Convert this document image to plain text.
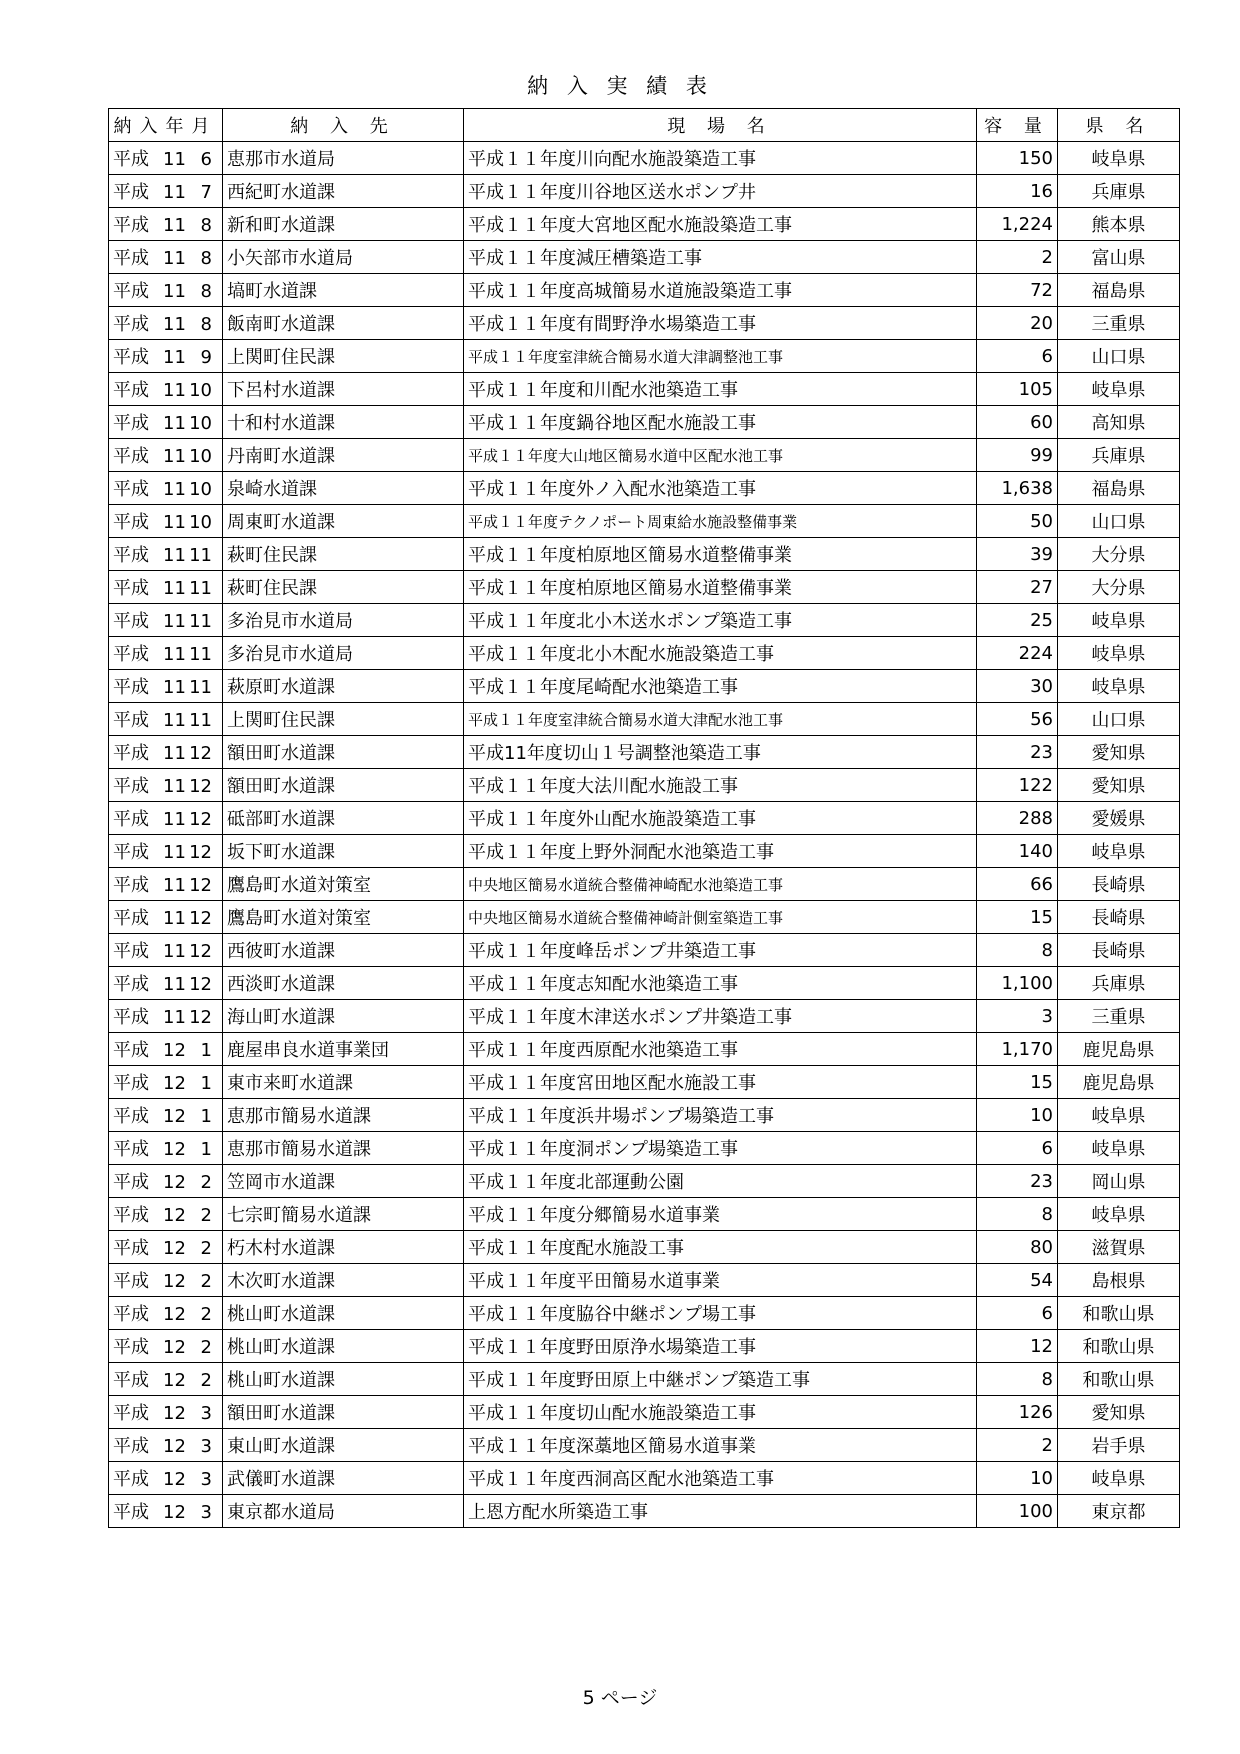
納 入 実 績 表
納入年月	納 入 先	現 場 名	容 量	県 名
平成 11 6	恵那市水道局	平成１１年度川向配水施設築造工事	150	岐阜県
平成 11 7	西紀町水道課	平成１１年度川谷地区送水ポンプ井	16	兵庫県
平成 11 8	新和町水道課	平成１１年度大宮地区配水施設築造工事	1,224	熊本県
平成 11 8	小矢部市水道局	平成１１年度減圧槽築造工事	2	富山県
平成 11 8	塙町水道課	平成１１年度高城簡易水道施設築造工事	72	福島県
平成 11 8	飯南町水道課	平成１１年度有間野浄水場築造工事	20	三重県
平成 11 9	上関町住民課	平成１１年度室津統合簡易水道大津調整池工事	6	山口県
平成 11 10	下呂村水道課	平成１１年度和川配水池築造工事	105	岐阜県
平成 11 10	十和村水道課	平成１１年度鍋谷地区配水施設工事	60	高知県
平成 11 10	丹南町水道課	平成１１年度大山地区簡易水道中区配水池工事	99	兵庫県
平成 11 10	泉崎水道課	平成１１年度外ノ入配水池築造工事	1,638	福島県
平成 11 10	周東町水道課	平成１１年度テクノポート周東給水施設整備事業	50	山口県
平成 11 11	萩町住民課	平成１１年度柏原地区簡易水道整備事業	39	大分県
平成 11 11	萩町住民課	平成１１年度柏原地区簡易水道整備事業	27	大分県
平成 11 11	多治見市水道局	平成１１年度北小木送水ポンプ築造工事	25	岐阜県
平成 11 11	多治見市水道局	平成１１年度北小木配水施設築造工事	224	岐阜県
平成 11 11	萩原町水道課	平成１１年度尾崎配水池築造工事	30	岐阜県
平成 11 11	上関町住民課	平成１１年度室津統合簡易水道大津配水池工事	56	山口県
平成 11 12	額田町水道課	平成11年度切山１号調整池築造工事	23	愛知県
平成 11 12	額田町水道課	平成１１年度大法川配水施設工事	122	愛知県
平成 11 12	砥部町水道課	平成１１年度外山配水施設築造工事	288	愛媛県
平成 11 12	坂下町水道課	平成１１年度上野外洞配水池築造工事	140	岐阜県
平成 11 12	鷹島町水道対策室	中央地区簡易水道統合整備神崎配水池築造工事	66	長崎県
平成 11 12	鷹島町水道対策室	中央地区簡易水道統合整備神崎計側室築造工事	15	長崎県
平成 11 12	西彼町水道課	平成１１年度峰岳ポンプ井築造工事	8	長崎県
平成 11 12	西淡町水道課	平成１１年度志知配水池築造工事	1,100	兵庫県
平成 11 12	海山町水道課	平成１１年度木津送水ポンプ井築造工事	3	三重県
平成 12 1	鹿屋串良水道事業団	平成１１年度西原配水池築造工事	1,170	鹿児島県
平成 12 1	東市来町水道課	平成１１年度宮田地区配水施設工事	15	鹿児島県
平成 12 1	恵那市簡易水道課	平成１１年度浜井場ポンプ場築造工事	10	岐阜県
平成 12 1	恵那市簡易水道課	平成１１年度洞ポンプ場築造工事	6	岐阜県
平成 12 2	笠岡市水道課	平成１１年度北部運動公園	23	岡山県
平成 12 2	七宗町簡易水道課	平成１１年度分郷簡易水道事業	8	岐阜県
平成 12 2	朽木村水道課	平成１１年度配水施設工事	80	滋賀県
平成 12 2	木次町水道課	平成１１年度平田簡易水道事業	54	島根県
平成 12 2	桃山町水道課	平成１１年度脇谷中継ポンプ場工事	6	和歌山県
平成 12 2	桃山町水道課	平成１１年度野田原浄水場築造工事	12	和歌山県
平成 12 2	桃山町水道課	平成１１年度野田原上中継ポンプ築造工事	8	和歌山県
平成 12 3	額田町水道課	平成１１年度切山配水施設築造工事	126	愛知県
平成 12 3	東山町水道課	平成１１年度深藁地区簡易水道事業	2	岩手県
平成 12 3	武儀町水道課	平成１１年度西洞高区配水池築造工事	10	岐阜県
平成 12 3	東京都水道局	上恩方配水所築造工事	100	東京都
5 ページ
